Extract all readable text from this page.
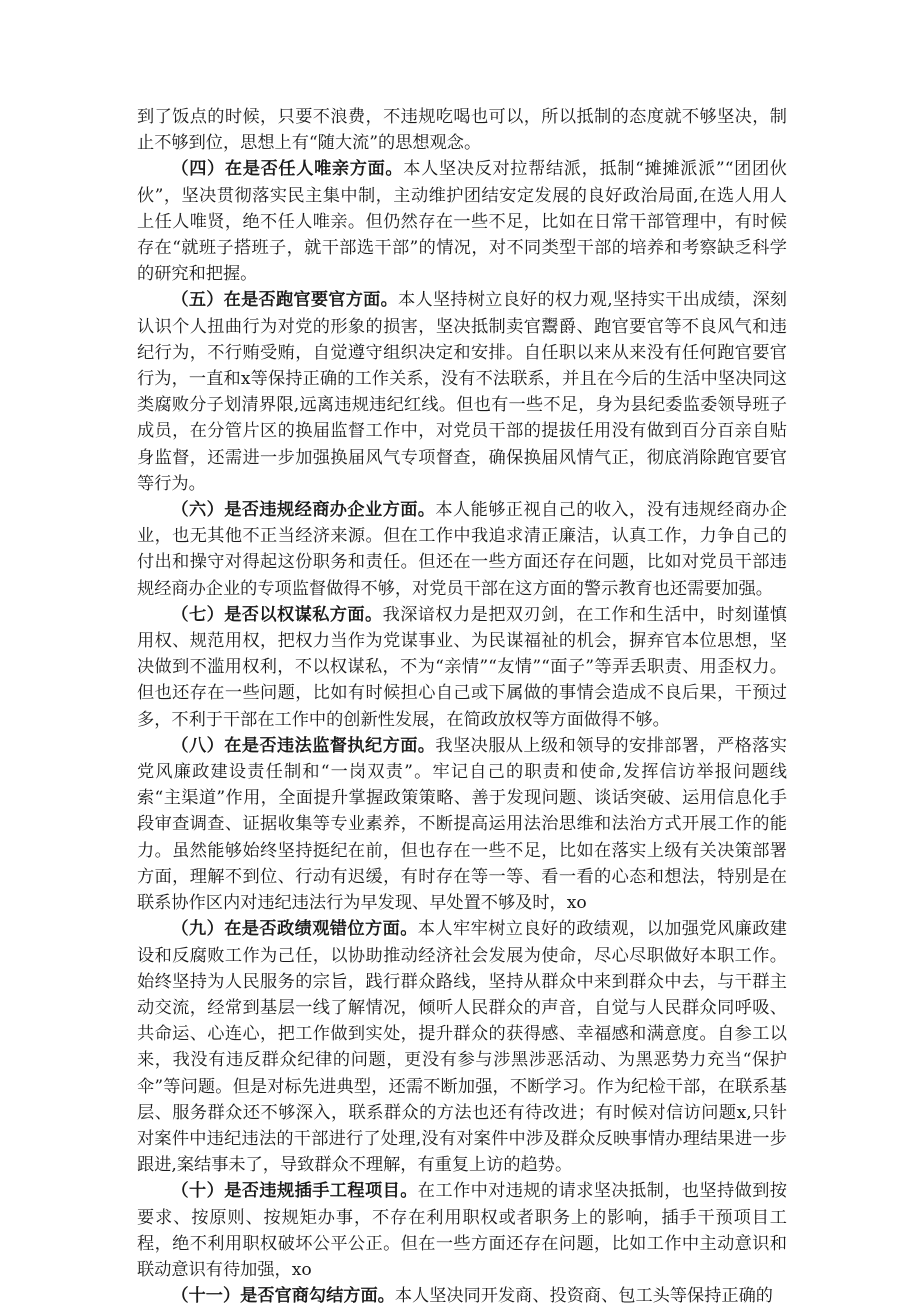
到了饭点的时候，只要不浪费，不违规吃喝也可以，所以抵制的态度就不够坚决，制止不够到位，思想上有“随大流”的思想观念。

（四）在是否任人唯亲方面。本人坚决反对拉帮结派，抵制“摊摊派派”“团团伙伙”，坚决贯彻落实民主集中制，主动维护团结安定发展的良好政治局面,在选人用人上任人唯贤，绝不任人唯亲。但仍然存在一些不足，比如在日常干部管理中，有时候存在“就班子搭班子，就干部选干部”的情况，对不同类型干部的培养和考察缺乏科学的研究和把握。

（五）在是否跑官要官方面。本人坚持树立良好的权力观,坚持实干出成绩，深刻认识个人扭曲行为对党的形象的损害，坚决抵制卖官鬻爵、跑官要官等不良风气和违纪行为，不行贿受贿，自觉遵守组织决定和安排。自任职以来从来没有任何跑官要官行为，一直和x等保持正确的工作关系，没有不法联系，并且在今后的生活中坚决同这类腐败分子划清界限,远离违规违纪红线。但也有一些不足，身为县纪委监委领导班子成员，在分管片区的换届监督工作中，对党员干部的提拔任用没有做到百分百亲自贴身监督，还需进一步加强换届风气专项督查，确保换届风情气正，彻底消除跑官要官等行为。

（六）是否违规经商办企业方面。本人能够正视自己的收入，没有违规经商办企业，也无其他不正当经济来源。但在工作中我追求清正廉洁，认真工作，力争自己的付出和操守对得起这份职务和责任。但还在一些方面还存在问题，比如对党员干部违规经商办企业的专项监督做得不够，对党员干部在这方面的警示教育也还需要加强。

（七）是否以权谋私方面。我深谙权力是把双刃剑，在工作和生活中，时刻谨慎用权、规范用权，把权力当作为党谋事业、为民谋福祉的机会，摒弃官本位思想，坚决做到不滥用权利，不以权谋私，不为“亲情”“友情”“面子”等弄丢职责、用歪权力。但也还存在一些问题，比如有时候担心自己或下属做的事情会造成不良后果，干预过多，不利于干部在工作中的创新性发展，在简政放权等方面做得不够。

（八）在是否违法监督执纪方面。我坚决服从上级和领导的安排部署，严格落实党风廉政建设责任制和“一岗双责”。牢记自己的职责和使命,发挥信访举报问题线索“主渠道”作用，全面提升掌握政策策略、善于发现问题、谈话突破、运用信息化手段审查调查、证据收集等专业素养，不断提高运用法治思维和法治方式开展工作的能力。虽然能够始终坚持挺纪在前，但也存在一些不足，比如在落实上级有关决策部署方面，理解不到位、行动有迟缓，有时存在等一等、看一看的心态和想法，特别是在联系协作区内对违纪违法行为早发现、早处置不够及时，xo

（九）在是否政绩观错位方面。本人牢牢树立良好的政绩观，以加强党风廉政建设和反腐败工作为己任，以协助推动经济社会发展为使命，尽心尽职做好本职工作。始终坚持为人民服务的宗旨，践行群众路线，坚持从群众中来到群众中去，与干群主动交流，经常到基层一线了解情况，倾听人民群众的声音，自觉与人民群众同呼吸、共命运、心连心，把工作做到实处，提升群众的获得感、幸福感和满意度。自参工以来，我没有违反群众纪律的问题，更没有参与涉黑涉恶活动、为黑恶势力充当“保护伞”等问题。但是对标先进典型，还需不断加强，不断学习。作为纪检干部，在联系基层、服务群众还不够深入，联系群众的方法也还有待改进；有时候对信访问题x,只针对案件中违纪违法的干部进行了处理,没有对案件中涉及群众反映事情办理结果进一步跟进,案结事未了，导致群众不理解，有重复上访的趋势。

（十）是否违规插手工程项目。在工作中对违规的请求坚决抵制，也坚持做到按要求、按原则、按规矩办事，不存在利用职权或者职务上的影响，插手干预项目工程，绝不利用职权破坏公平公正。但在一些方面还存在问题，比如工作中主动意识和联动意识有待加强，xo

（十一）是否官商勾结方面。本人坚决同开发商、投资商、包工头等保持正确的
